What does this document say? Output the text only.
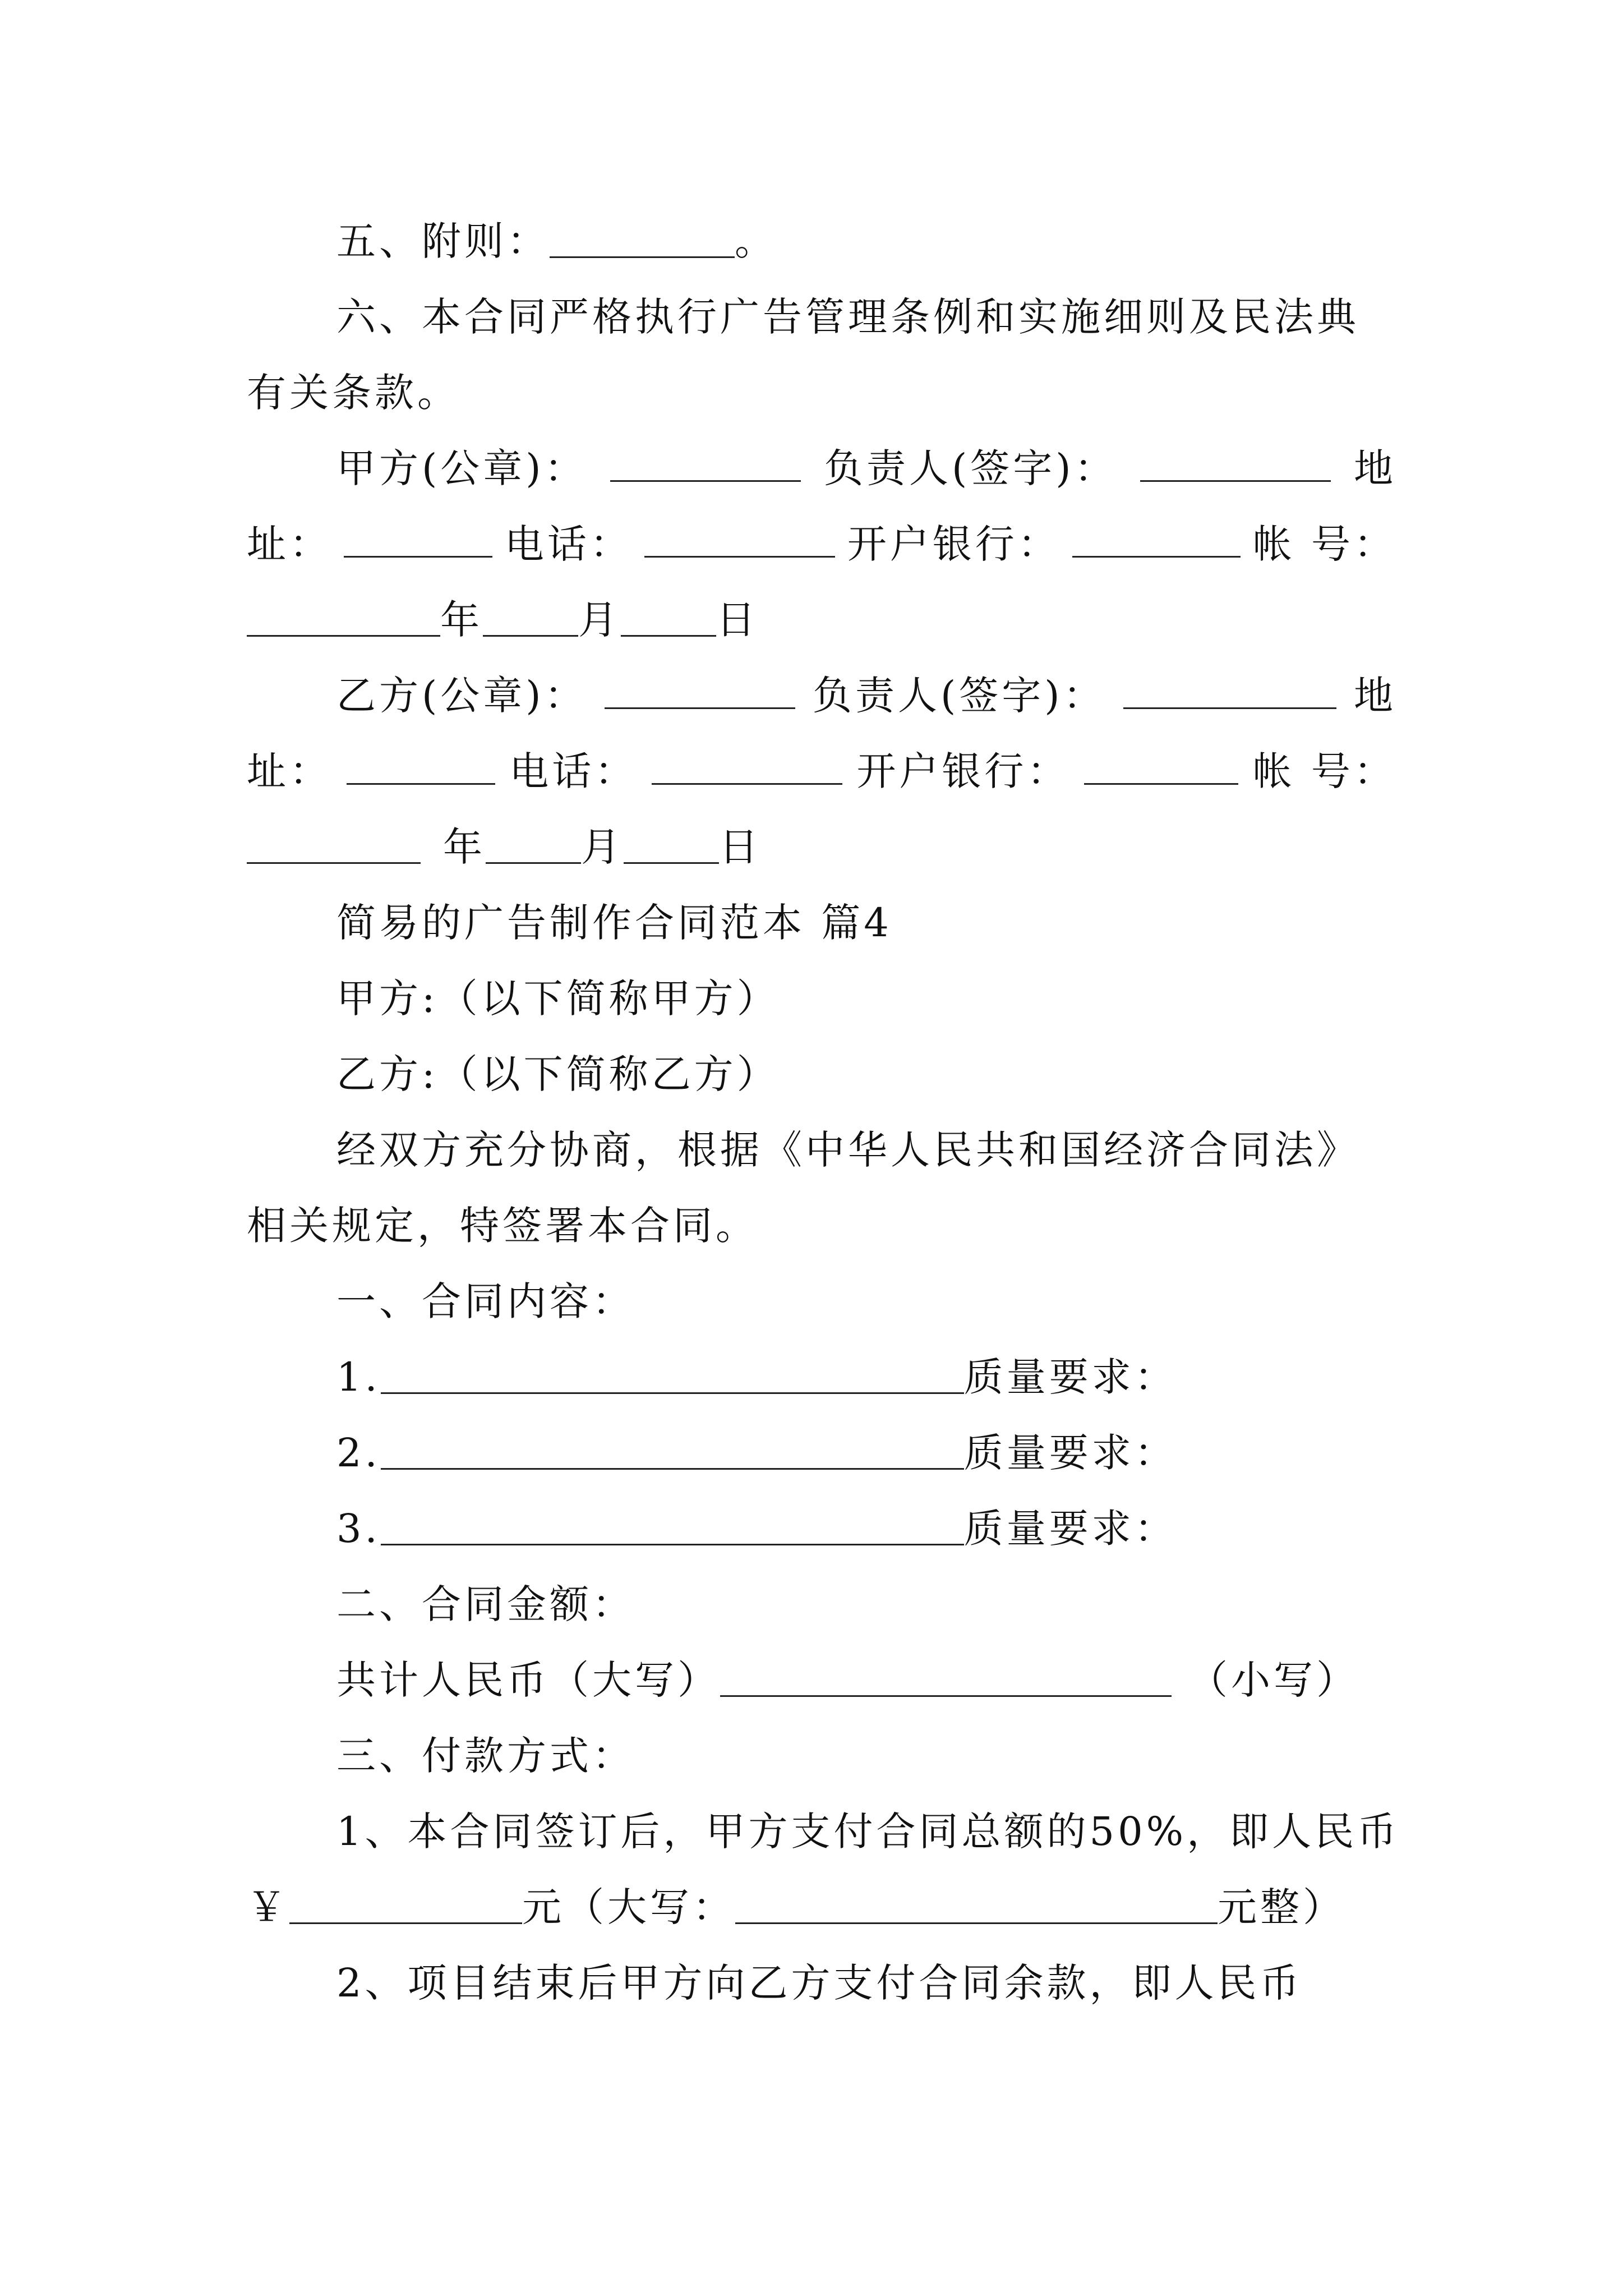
五、附则：	。
六、本合同严格执行广告管理条例和实施细则及民法典
有关条款。
甲方(公章)：	负责人(签字)：	地
址：	电话：	开户银行：	帐 号：
年 月 日
乙方(公章)：	负责人(签字)：	地
址：	电话：	开户银行：	帐 号：
年 月 日
简易的广告制作合同范本 篇4
甲方:（以下简称甲方）
乙方:（以下简称乙方）
经双方充分协商，根据《中华人民共和国经济合同法》
相关规定，特签署本合同。
一、合同内容：
1.	质量要求：
2.	质量要求：
3.	质量要求：
二、合同金额：
共计人民币（大写）	（小写）
三、付款方式：
1、本合同签订后，甲方支付合同总额的50%，即人民币
￥	元（大写：	元整）
2、项目结束后甲方向乙方支付合同余款，即人民币
